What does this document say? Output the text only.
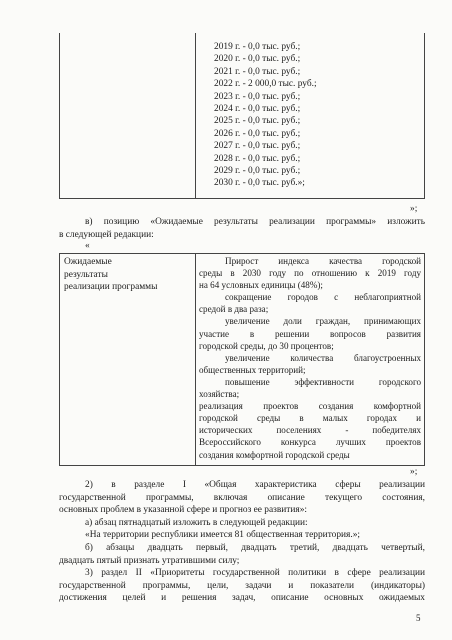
2019 г. - 0,0 тыс. руб.;
2020 г. - 0,0 тыс. руб.;
2021 г. - 0,0 тыс. руб.;
2022 г. - 2 000,0 тыс. руб.;
2023 г. - 0,0 тыс. руб.;
2024 г. - 0,0 тыс. руб.;
2025 г. - 0,0 тыс. руб.;
2026 г. - 0,0 тыс. руб.;
2027 г. - 0,0 тыс. руб.;
2028 г. - 0,0 тыс. руб.;
2029 г. - 0,0 тыс. руб.;
2030 г. - 0,0 тыс. руб.»;
»;
в) позицию «Ожидаемые результаты реализации программы» изложить
в следующей редакции:
«
Ожидаемые
результаты
реализации программы
Прирост индекса качества городской
среды в 2030 году по отношению к 2019 году
на 64 условных единицы (48%);
сокращение городов с неблагоприятной
средой в два раза;
увеличение доли граждан, принимающих
участие в решении вопросов развития
городской среды, до 30 процентов;
увеличение количества благоустроенных
общественных территорий;
повышение эффективности городского
хозяйства;
реализация проектов создания комфортной
городской среды в малых городах и
исторических поселениях - победителях
Всероссийского конкурса лучших проектов
создания комфортной городской среды
»;
2) в разделе I «Общая характеристика сферы реализации
государственной программы, включая описание текущего состояния,
основных проблем в указанной сфере и прогноз ее развития»:
а) абзац пятнадцатый изложить в следующей редакции:
«На территории республики имеется 81 общественная территория.»;
б) абзацы двадцать первый, двадцать третий, двадцать четвертый,
двадцать пятый признать утратившими силу;
3) раздел II «Приоритеты государственной политики в сфере реализации
государственной программы, цели, задачи и показатели (индикаторы)
достижения целей и решения задач, описание основных ожидаемых
5
